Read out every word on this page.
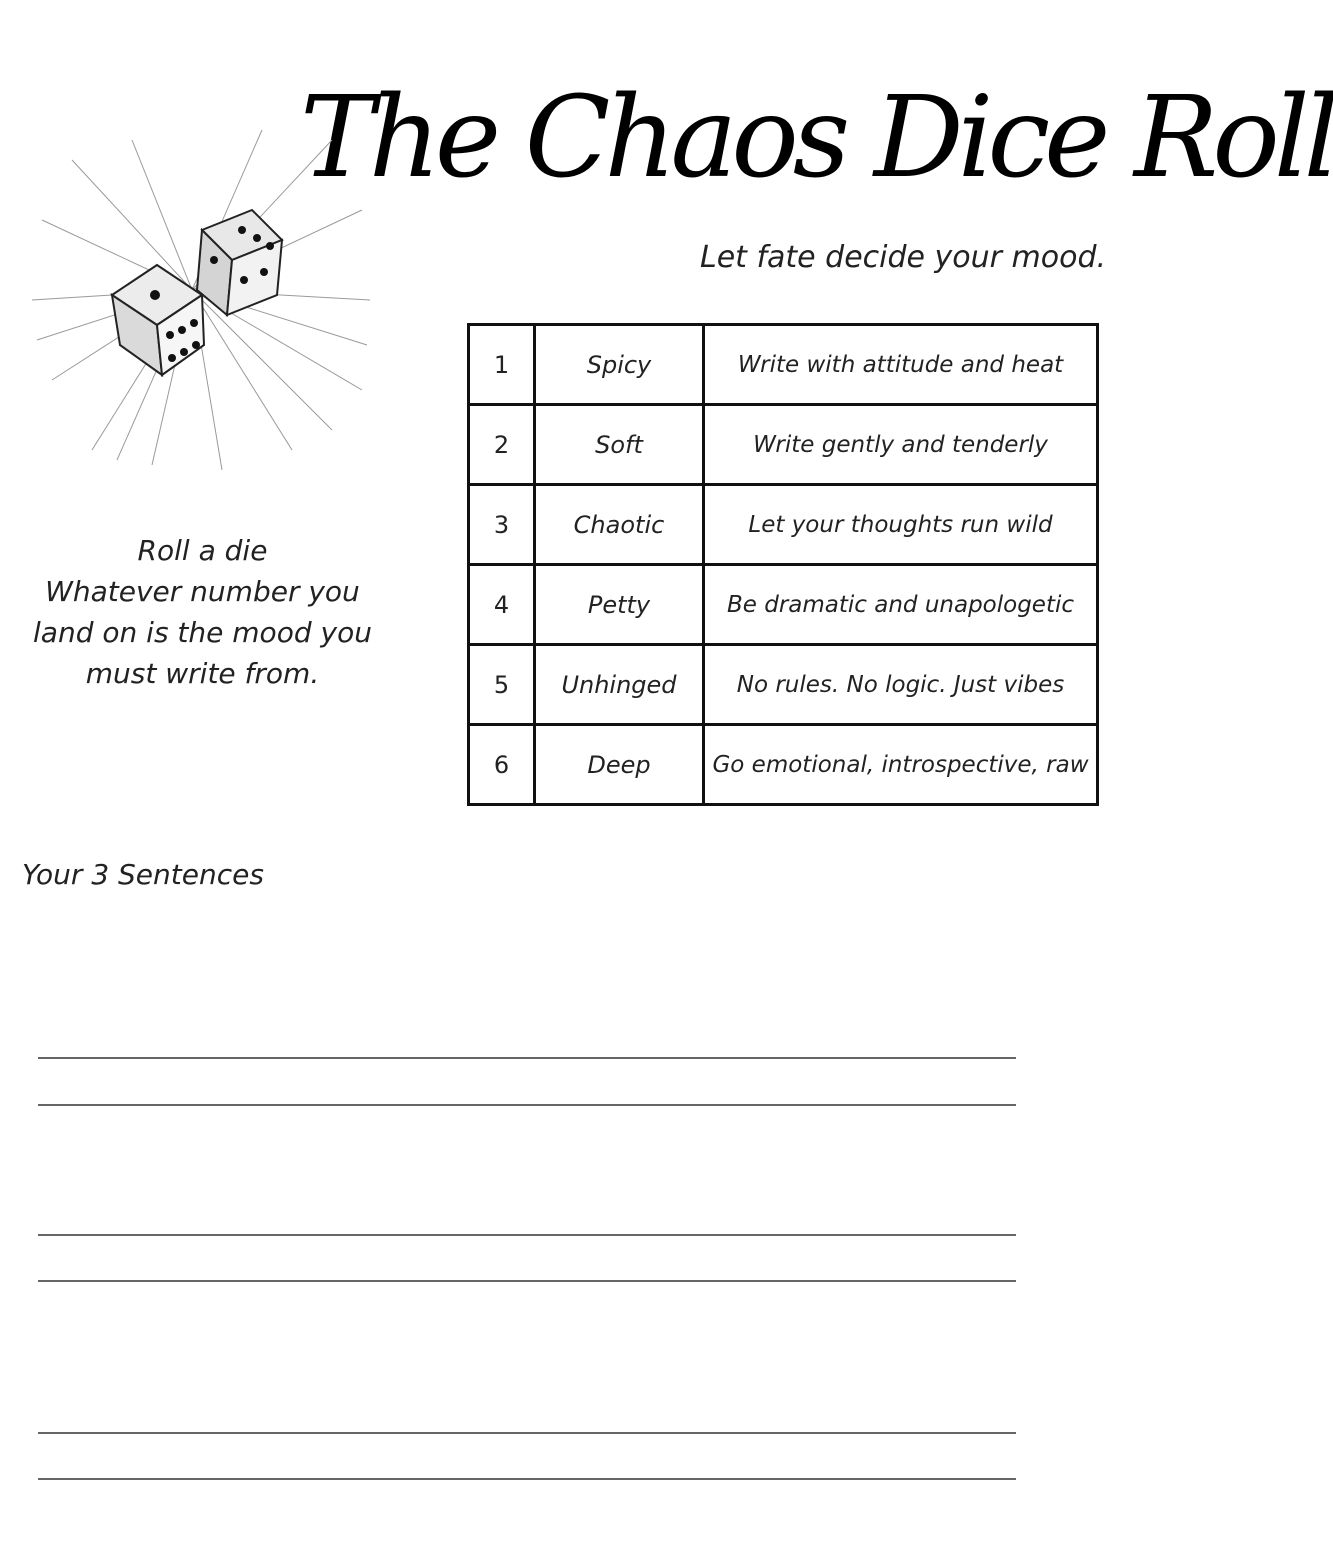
The Chaos Dice Roll
Let fate decide your mood.
Roll a die
Whatever number you
land on is the mood you
must write from.
1	Spicy	Write with attitude and heat
2	Soft	Write gently and tenderly
3	Chaotic	Let your thoughts run wild
4	Petty	Be dramatic and unapologetic
5	Unhinged	No rules. No logic. Just vibes
6	Deep	Go emotional, introspective, raw
Your 3 Sentences
